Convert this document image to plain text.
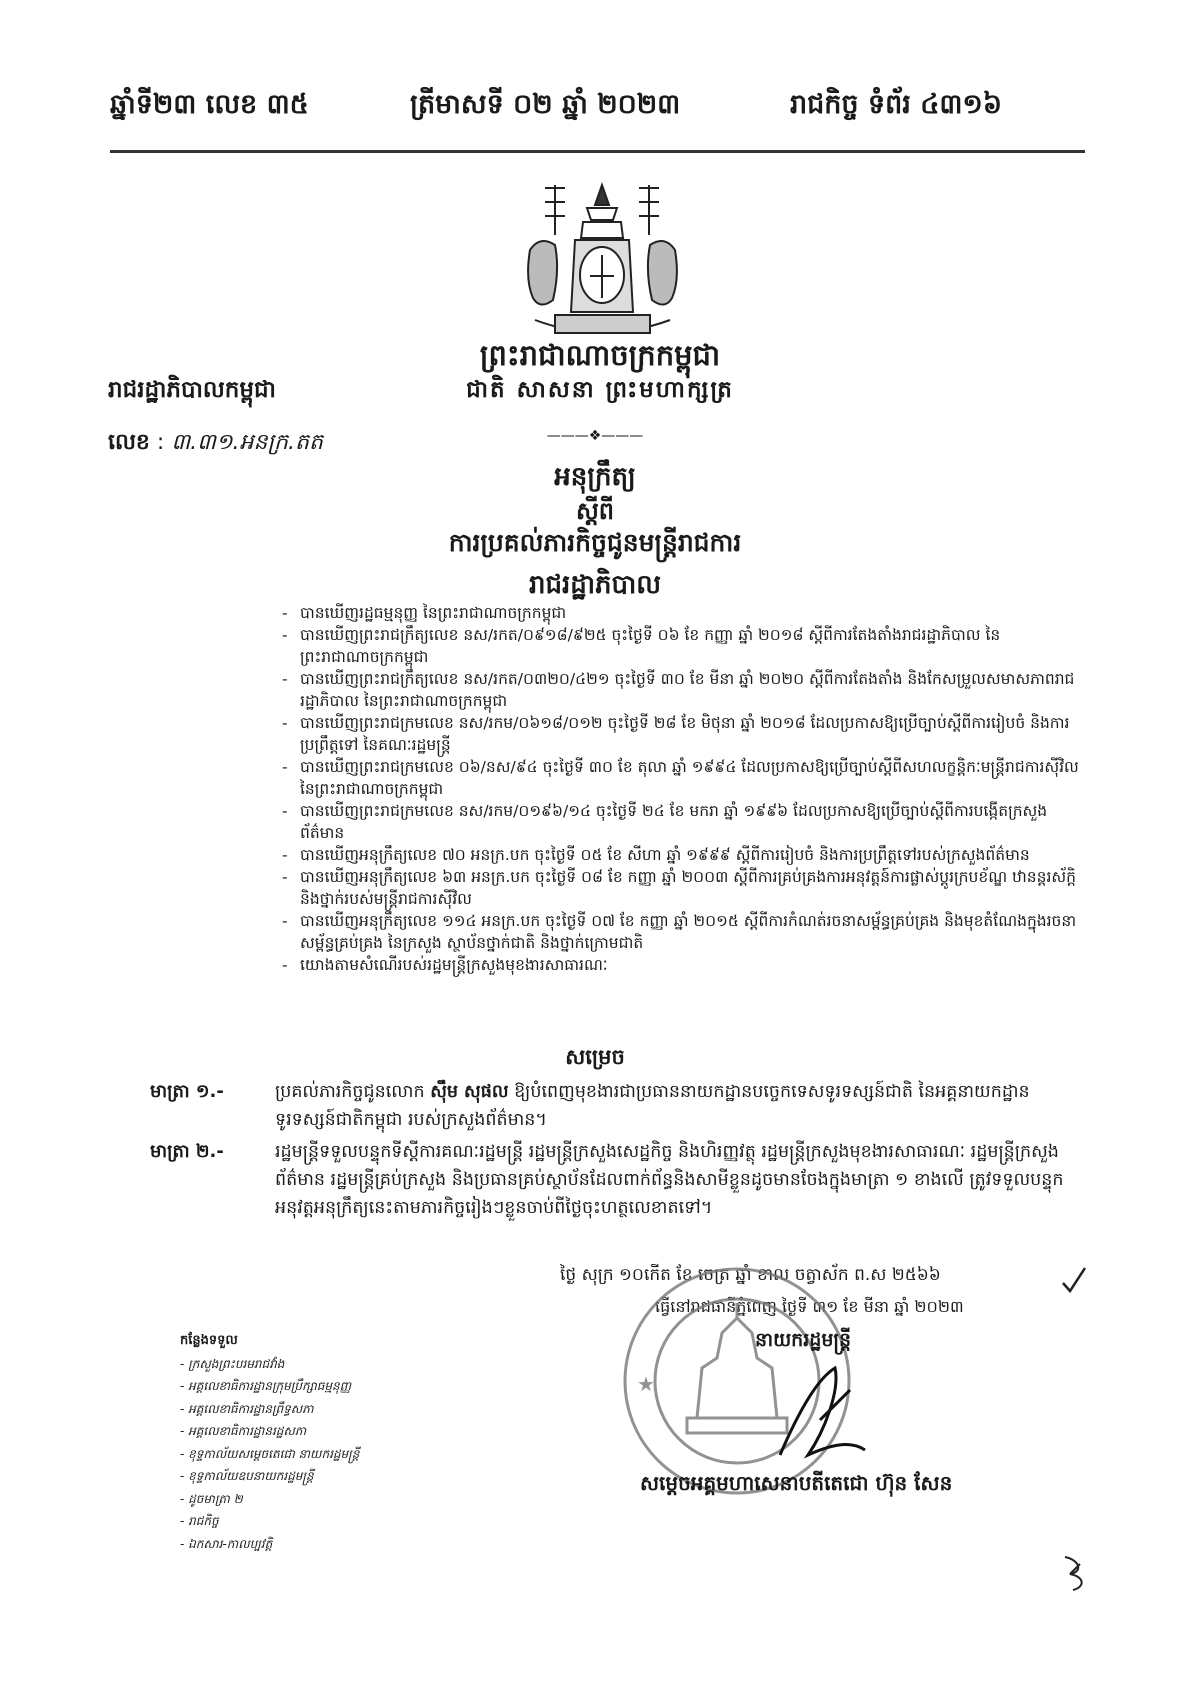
ឆ្នាំទី២៣ លេខ ៣៥	ត្រីមាសទី ០២ ឆ្នាំ ២០២៣	រាជកិច្ច ទំព័រ ៤៣១៦
ព្រះរាជាណាចក្រកម្ពុជា
រាជរដ្ឋាភិបាលកម្ពុជា	ជាតិ សាសនា ព្រះមហាក្សត្រ
———❖———
លេខ : ៣.៣១.អនក្រ.តត
អនុក្រឹត្យ
ស្តីពី
ការប្រគល់ភារកិច្ចជូនមន្ត្រីរាជការ
រាជរដ្ឋាភិបាល
- បានឃើញរដ្ឋធម្មនុញ្ញ នៃព្រះរាជាណាចក្រកម្ពុជា
- បានឃើញព្រះរាជក្រឹត្យលេខ នស/រកត/០៩១៨/៩២៥ ចុះថ្ងៃទី ០៦ ខែ កញ្ញា ឆ្នាំ ២០១៨ ស្តីពីការតែងតាំងរាជរដ្ឋាភិបាល នៃព្រះរាជាណាចក្រកម្ពុជា
- បានឃើញព្រះរាជក្រឹត្យលេខ នស/រកត/០៣២០/៤២១ ចុះថ្ងៃទី ៣០ ខែ មីនា ឆ្នាំ ២០២០ ស្តីពីការតែងតាំង និងកែសម្រួលសមាសភាពរាជរដ្ឋាភិបាល នៃព្រះរាជាណាចក្រកម្ពុជា
- បានឃើញព្រះរាជក្រមលេខ នស/រកម/០៦១៨/០១២ ចុះថ្ងៃទី ២៨ ខែ មិថុនា ឆ្នាំ ២០១៨ ដែលប្រកាសឱ្យប្រើច្បាប់ស្តីពីការរៀបចំ និងការប្រព្រឹត្តទៅ នៃគណៈរដ្ឋមន្ត្រី
- បានឃើញព្រះរាជក្រមលេខ ០៦/នស/៩៤ ចុះថ្ងៃទី ៣០ ខែ តុលា ឆ្នាំ ១៩៩៤ ដែលប្រកាសឱ្យប្រើច្បាប់ស្តីពីសហលក្ខន្តិកៈមន្ត្រីរាជការស៊ីវិល នៃព្រះរាជាណាចក្រកម្ពុជា
- បានឃើញព្រះរាជក្រមលេខ នស/រកម/០១៩៦/១៤ ចុះថ្ងៃទី ២៤ ខែ មករា ឆ្នាំ ១៩៩៦ ដែលប្រកាសឱ្យប្រើច្បាប់ស្តីពីការបង្កើតក្រសួងព័ត៌មាន
- បានឃើញអនុក្រឹត្យលេខ ៧០ អនក្រ.បក ចុះថ្ងៃទី ០៥ ខែ សីហា ឆ្នាំ ១៩៩៩ ស្តីពីការរៀបចំ និងការប្រព្រឹត្តទៅរបស់ក្រសួងព័ត៌មាន
- បានឃើញអនុក្រឹត្យលេខ ៦៣ អនក្រ.បក ចុះថ្ងៃទី ០៨ ខែ កញ្ញា ឆ្នាំ ២០០៣ ស្តីពីការគ្រប់គ្រងការអនុវត្តន៍ការផ្លាស់ប្តូរក្របខ័ណ្ឌ ឋានន្តរស័ក្តិ និងថ្នាក់របស់មន្ត្រីរាជការស៊ីវិល
- បានឃើញអនុក្រឹត្យលេខ ១១៤ អនក្រ.បក ចុះថ្ងៃទី ០៧ ខែ កញ្ញា ឆ្នាំ ២០១៥ ស្តីពីការកំណត់រចនាសម្ព័ន្ធគ្រប់គ្រង និងមុខតំណែងក្នុងរចនាសម្ព័ន្ធគ្រប់គ្រង នៃក្រសួង ស្ថាប័នថ្នាក់ជាតិ និងថ្នាក់ក្រោមជាតិ
- យោងតាមសំណើរបស់រដ្ឋមន្ត្រីក្រសួងមុខងារសាធារណៈ
សម្រេច
មាត្រា ១.-	ប្រគល់ភារកិច្ចជូនលោក ស៊ឹម សុផល ឱ្យបំពេញមុខងារជាប្រធាននាយកដ្ឋានបច្ចេកទេសទូរទស្សន៍ជាតិ នៃអគ្គនាយកដ្ឋានទូរទស្សន៍ជាតិកម្ពុជា របស់ក្រសួងព័ត៌មាន។
មាត្រា ២.-	រដ្ឋមន្ត្រីទទួលបន្ទុកទីស្តីការគណៈរដ្ឋមន្ត្រី រដ្ឋមន្ត្រីក្រសួងសេដ្ឋកិច្ច និងហិរញ្ញវត្ថុ រដ្ឋមន្ត្រីក្រសួងមុខងារសាធារណៈ រដ្ឋមន្ត្រីក្រសួងព័ត៌មាន រដ្ឋមន្ត្រីគ្រប់ក្រសួង និងប្រធានគ្រប់ស្ថាប័នដែលពាក់ព័ន្ធនិងសាមីខ្លួនដូចមានចែងក្នុងមាត្រា ១ ខាងលើ ត្រូវទទួលបន្ទុកអនុវត្តអនុក្រឹត្យនេះតាមភារកិច្ចរៀងៗខ្លួនចាប់ពីថ្ងៃចុះហត្ថលេខាតទៅ។
ថ្ងៃ សុក្រ ១០កើត ខែ ចេត្រ ឆ្នាំ ខាល ចត្វាស័ក ព.ស ២៥៦៦
ធ្វើនៅរាជធានីភ្នំពេញ ថ្ងៃទី ៣១ ខែ មីនា ឆ្នាំ ២០២៣
★
នាយករដ្ឋមន្ត្រី
សម្តេចអគ្គមហាសេនាបតីតេជោ ហ៊ុន សែន
កន្លែងទទួល
- ក្រសួងព្រះបរមរាជវាំង
- អគ្គលេខាធិការដ្ឋានក្រុមប្រឹក្សាធម្មនុញ្ញ
- អគ្គលេខាធិការដ្ឋានព្រឹទ្ធសភា
- អគ្គលេខាធិការដ្ឋានរដ្ឋសភា
- ខុទ្ទកាល័យសម្តេចតេជោ នាយករដ្ឋមន្ត្រី
- ខុទ្ទកាល័យឧបនាយករដ្ឋមន្ត្រី
- ដូចមាត្រា ២
- រាជកិច្ច
- ឯកសារ-កាលប្បវត្តិ
